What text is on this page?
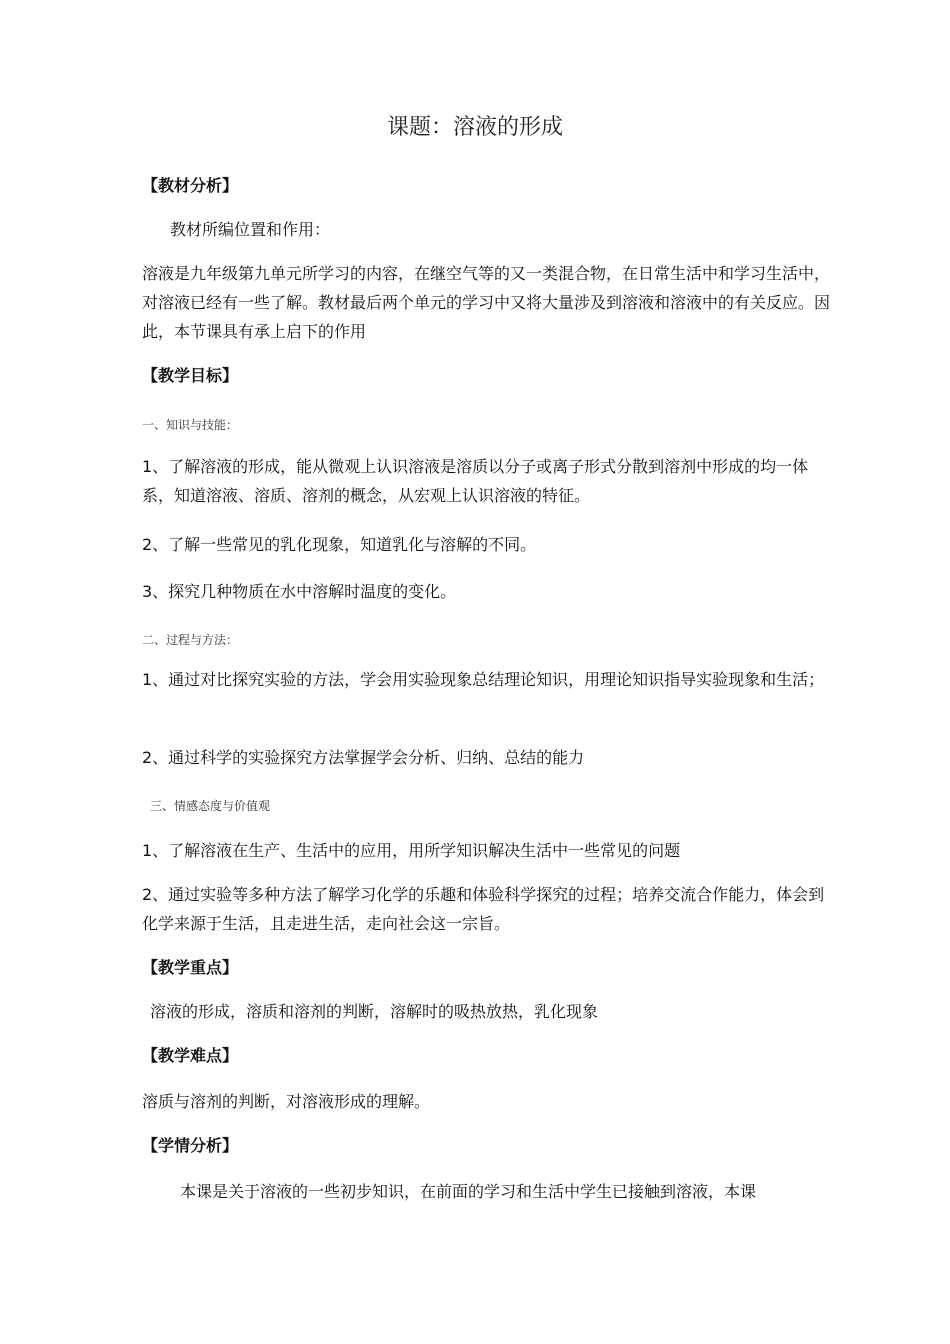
课题：溶液的形成
【教材分析】
教材所编位置和作用：
溶液是九年级第九单元所学习的内容，在继空气等的又一类混合物，在日常生活中和学习生活中，对溶液已经有一些了解。教材最后两个单元的学习中又将大量涉及到溶液和溶液中的有关反应。因此，本节课具有承上启下的作用
【教学目标】
一、知识与技能：
1、了解溶液的形成，能从微观上认识溶液是溶质以分子或离子形式分散到溶剂中形成的均一体系，知道溶液、溶质、溶剂的概念，从宏观上认识溶液的特征。
2、了解一些常见的乳化现象，知道乳化与溶解的不同。
3、探究几种物质在水中溶解时温度的变化。
二、过程与方法：
1、通过对比探究实验的方法，学会用实验现象总结理论知识，用理论知识指导实验现象和生活；
2、通过科学的实验探究方法掌握学会分析、归纳、总结的能力
三、情感态度与价值观
1、了解溶液在生产、生活中的应用，用所学知识解决生活中一些常见的问题
2、通过实验等多种方法了解学习化学的乐趣和体验科学探究的过程；培养交流合作能力，体会到化学来源于生活，且走进生活，走向社会这一宗旨。
【教学重点】
溶液的形成，溶质和溶剂的判断，溶解时的吸热放热，乳化现象
【教学难点】
溶质与溶剂的判断，对溶液形成的理解。
【学情分析】
本课是关于溶液的一些初步知识，在前面的学习和生活中学生已接触到溶液，本课
